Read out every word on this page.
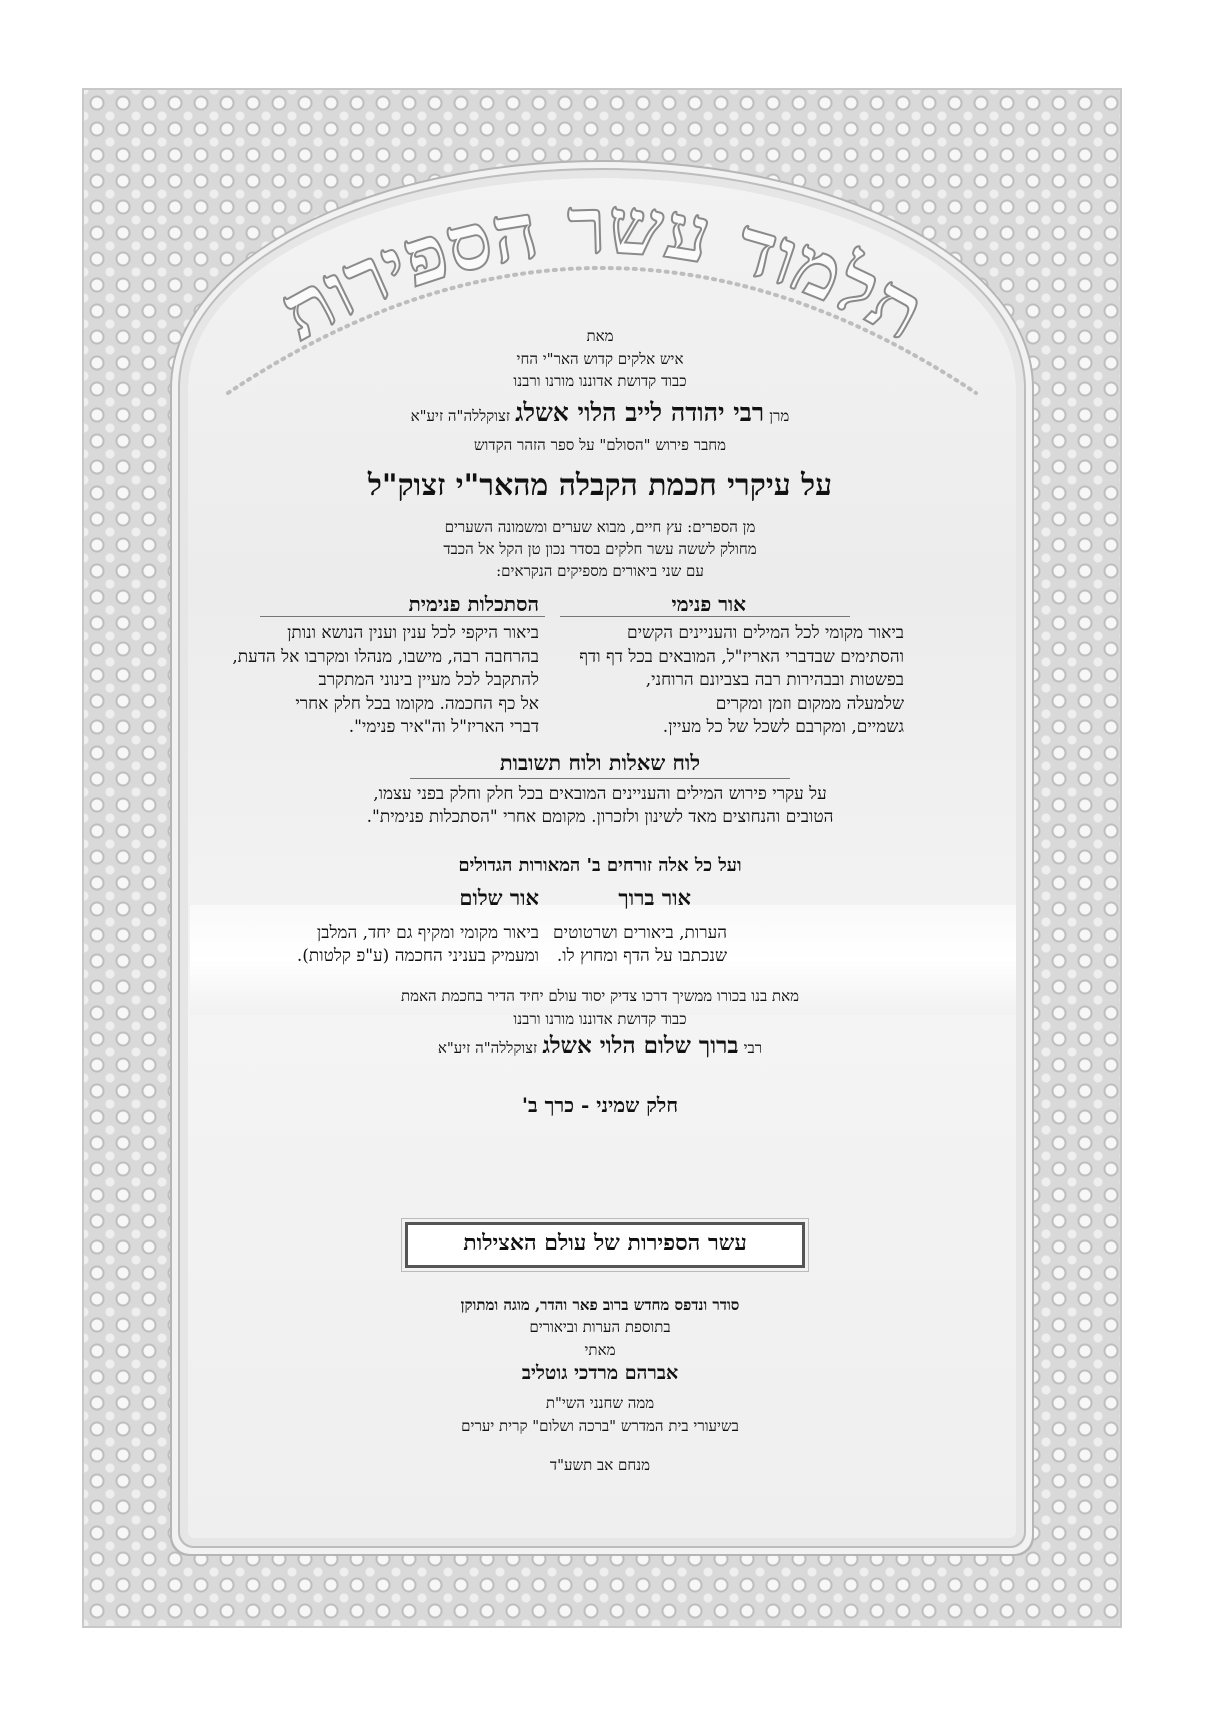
תלמוד עשר הספירות
מאת
איש אלקים קדוש האר"י החי
כבוד קדושת אדוננו מורנו ורבנו
מרן רבי יהודה לייב הלוי אשלג זצוקללה"ה זיע"א
מחבר פירוש "הסולם" על ספר הזהר הקדוש
על עיקרי חכמת הקבלה מהאר"י זצוק"ל
מן הספרים: עץ חיים, מבוא שערים ומשמונה השערים
מחולק לששה עשר חלקים בסדר נכון טן הקל אל הכבד
עם שני ביאורים מספיקים הנקראים:
אור פנימי
ביאור מקומי לכל המילים והעניינים הקשים
והסתימים שבדברי האריז"ל, המובאים בכל דף ודף
בפשטות ובבהירות רבה בצביונם הרוחני,
שלמעלה ממקום וזמן ומקרים
גשמיים, ומקרבם לשכל של כל מעיין.
הסתכלות פנימית
ביאור היקפי לכל ענין וענין הנושא ונותן
בהרחבה רבה, מישבו, מנהלו ומקרבו אל הדעת,
להתקבל לכל מעיין בינוני המתקרב
אל כף החכמה. מקומו בכל חלק אחרי
דברי האריז"ל וה"איר פנימי".
לוח שאלות ולוח תשובות
על עקרי פירוש המילים והעניינים המובאים בכל חלק וחלק בפני עצמו,
הטובים והנחוצים מאד לשינון ולזכרון. מקומם אחרי "הסתכלות פנימית".
ועל כל אלה זורחים ב' המאורות הגדולים
אור ברוך
אור שלום
הערות, ביאורים ושרטוטים
שנכתבו על הדף ומחוץ לו.
ביאור מקומי ומקיף גם יחד, המלבן
ומעמיק בעניני החכמה (ע"פ קלטות).
מאת בנו בכורו ממשיך דרכו צדיק יסוד עולם יחיד הדיר בחכמת האמת
כבוד קדושת אדוננו מורנו ורבנו
רבי ברוך שלום הלוי אשלג זצוקללה"ה זיע"א
חלק שמיני - כרך ב'
עשר הספירות של עולם האצילות
סודר ונדפס מחדש ברוב פאר והדר, מוגה ומתוקן
בתוספת הערות וביאורים
מאתי
אברהם מרדכי גוטליב
ממה שחנני השי"ת
בשיעורי בית המדרש "ברכה ושלום" קרית יערים
מנחם אב תשע"ד
